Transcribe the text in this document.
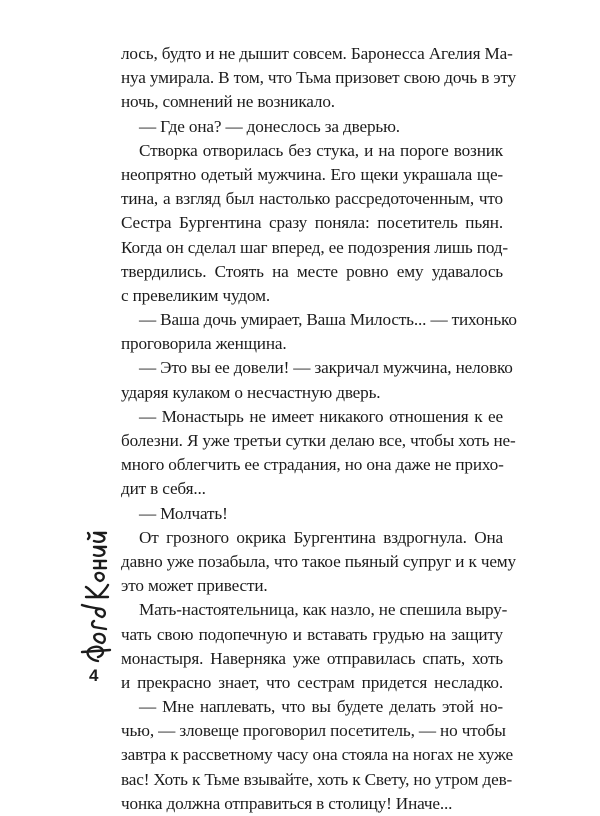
лось, будто и не дышит совсем. Баронесса Агелия Ма-
нуа умирала. В том, что Тьма призовет свою дочь в эту
ночь, сомнений не возникало.
— Где она? — донеслось за дверью.
Створка отворилась без стука, и на пороге возник
неопрятно одетый мужчина. Его щеки украшала ще-
тина, а взгляд был настолько рассредоточенным, что
Сестра Бургентина сразу поняла: посетитель пьян.
Когда он сделал шаг вперед, ее подозрения лишь под-
твердились. Стоять на месте ровно ему удавалось
с превеликим чудом.
— Ваша дочь умирает, Ваша Милость... — тихонько
проговорила женщина.
— Это вы ее довели! — закричал мужчина, неловко
ударяя кулаком о несчастную дверь.
— Монастырь не имеет никакого отношения к ее
болезни. Я уже третьи сутки делаю все, чтобы хоть не-
много облегчить ее страдания, но она даже не прихо-
дит в себя...
— Молчать!
От грозного окрика Бургентина вздрогнула. Она
давно уже позабыла, что такое пьяный супруг и к чему
это может привести.
Мать-настоятельница, как назло, не спешила выру-
чать свою подопечную и вставать грудью на защиту
монастыря. Наверняка уже отправилась спать, хоть
и прекрасно знает, что сестрам придется несладко.
— Мне наплевать, что вы будете делать этой но-
чью, — зловеще проговорил посетитель, — но чтобы
завтра к рассветному часу она стояла на ногах не хуже
вас! Хоть к Тьме взывайте, хоть к Свету, но утром дев-
чонка должна отправиться в столицу! Иначе...
4
